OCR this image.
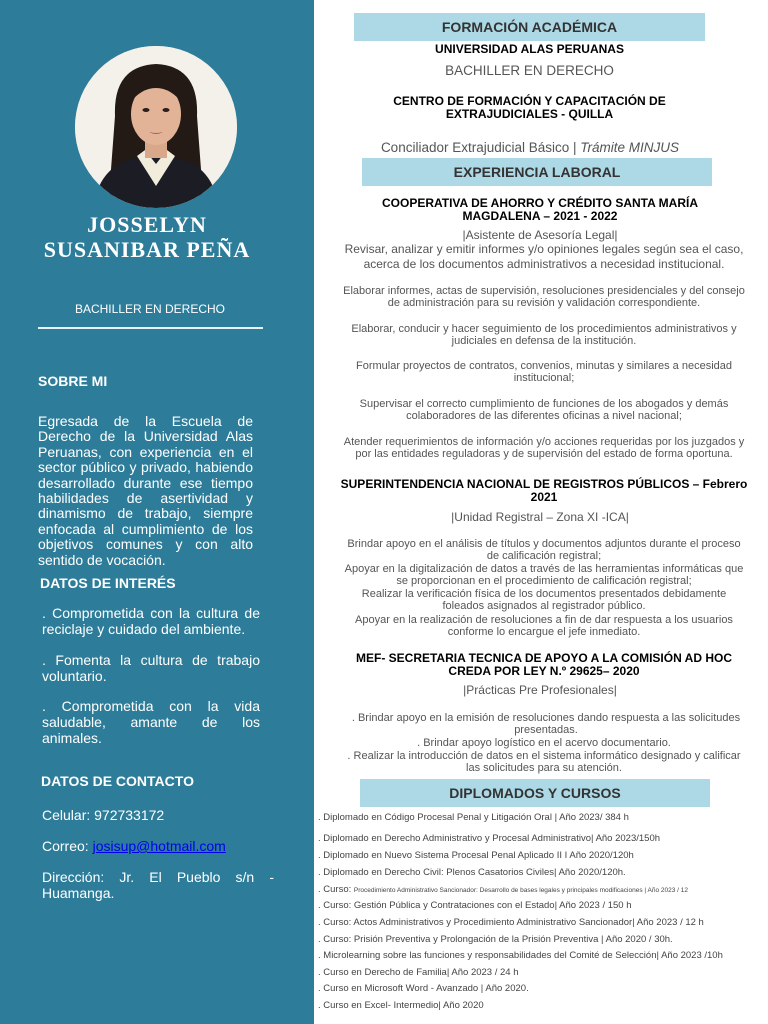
JOSSELYN
SUSANIBAR PEÑA
BACHILLER EN DERECHO
SOBRE MI
Egresada de la Escuela de Derecho de la Universidad Alas Peruanas, con experiencia en el sector público y privado, habiendo desarrollado durante ese tiempo habilidades de asertividad y dinamismo de trabajo, siempre enfocada al cumplimiento de los objetivos comunes y con alto sentido de vocación.
DATOS DE INTERÉS
. Comprometida con la cultura de reciclaje y cuidado del ambiente.
. Fomenta la cultura de trabajo voluntario.
. Comprometida con la vida saludable, amante de los animales.
DATOS DE CONTACTO
Celular: 972733172
Correo: josisup@hotmail.com
Dirección: Jr. El Pueblo s/n - Huamanga.
FORMACIÓN ACADÉMICA
UNIVERSIDAD ALAS PERUANAS
BACHILLER EN DERECHO
CENTRO DE FORMACIÓN Y CAPACITACIÓN DE EXTRAJUDICIALES - QUILLA
Conciliador Extrajudicial Básico | Trámite MINJUS
EXPERIENCIA LABORAL
COOPERATIVA DE AHORRO Y CRÉDITO SANTA MARÍA MAGDALENA – 2021 - 2022
|Asistente de Asesoría Legal|
Revisar, analizar y emitir informes y/o opiniones legales según sea el caso, acerca de los documentos administrativos a necesidad institucional.
Elaborar informes, actas de supervisión, resoluciones presidenciales y del consejo de administración para su revisión y validación correspondiente.
Elaborar, conducir y hacer seguimiento de los procedimientos administrativos y judiciales en defensa de la institución.
Formular proyectos de contratos, convenios, minutas y similares a necesidad institucional;
Supervisar el correcto cumplimiento de funciones de los abogados y demás colaboradores de las diferentes oficinas a nivel nacional;
Atender requerimientos de información y/o acciones requeridas por los juzgados y por las entidades reguladoras y de supervisión del estado de forma oportuna.
SUPERINTENDENCIA NACIONAL DE REGISTROS PÚBLICOS – Febrero 2021
|Unidad Registral – Zona XI -ICA|
Brindar apoyo en el análisis de títulos y documentos adjuntos durante el proceso de calificación registral;
Apoyar en la digitalización de datos a través de las herramientas informáticas que se proporcionan en el procedimiento de calificación registral;
Realizar la verificación física de los documentos presentados debidamente foleados asignados al registrador público.
Apoyar en la realización de resoluciones a fin de dar respuesta a los usuarios conforme lo encargue el jefe inmediato.
MEF- SECRETARIA TECNICA DE APOYO A LA COMISIÓN AD HOC CREDA POR LEY N.º 29625– 2020
|Prácticas Pre Profesionales|
. Brindar apoyo en la emisión de resoluciones dando respuesta a las solicitudes presentadas.
. Brindar apoyo logístico en el acervo documentario.
. Realizar la introducción de datos en el sistema informático designado y calificar las solicitudes para su atención.
DIPLOMADOS Y CURSOS
. Diplomado en Código Procesal Penal y Litigación Oral | Año 2023/ 384 h
. Diplomado en Derecho Administrativo y Procesal Administrativo| Año 2023/150h
. Diplomado en Nuevo Sistema Procesal Penal Aplicado II I Año 2020/120h
. Diplomado en Derecho Civil: Plenos Casatorios Civiles| Año 2020/120h.
. Curso: Procedimiento Administrativo Sancionador: Desarrollo de bases legales y principales modificaciones | Año 2023 / 12
. Curso: Gestión Pública y Contrataciones con el Estado| Año 2023 / 150 h
. Curso: Actos Administrativos y Procedimiento Administrativo Sancionador| Año 2023 / 12 h
. Curso: Prisión Preventiva y Prolongación de la Prisión Preventiva | Año 2020 / 30h.
. Microlearning sobre las funciones y responsabilidades del Comité de Selección| Año 2023 /10h
. Curso en Derecho de Familia| Año 2023 / 24 h
. Curso en Microsoft Word - Avanzado | Año 2020.
. Curso en Excel- Intermedio| Año 2020
